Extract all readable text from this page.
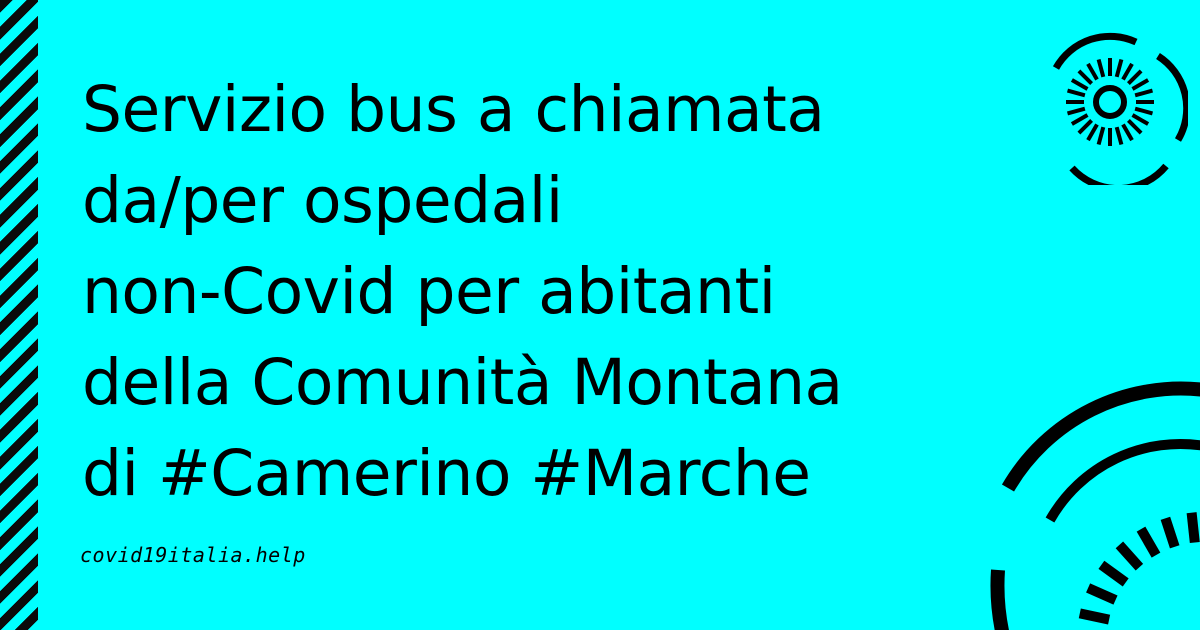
Servizio bus a chiamata
da/per ospedali
non-Covid per abitanti
della Comunità Montana
di #Camerino #Marche
covid19italia.help
